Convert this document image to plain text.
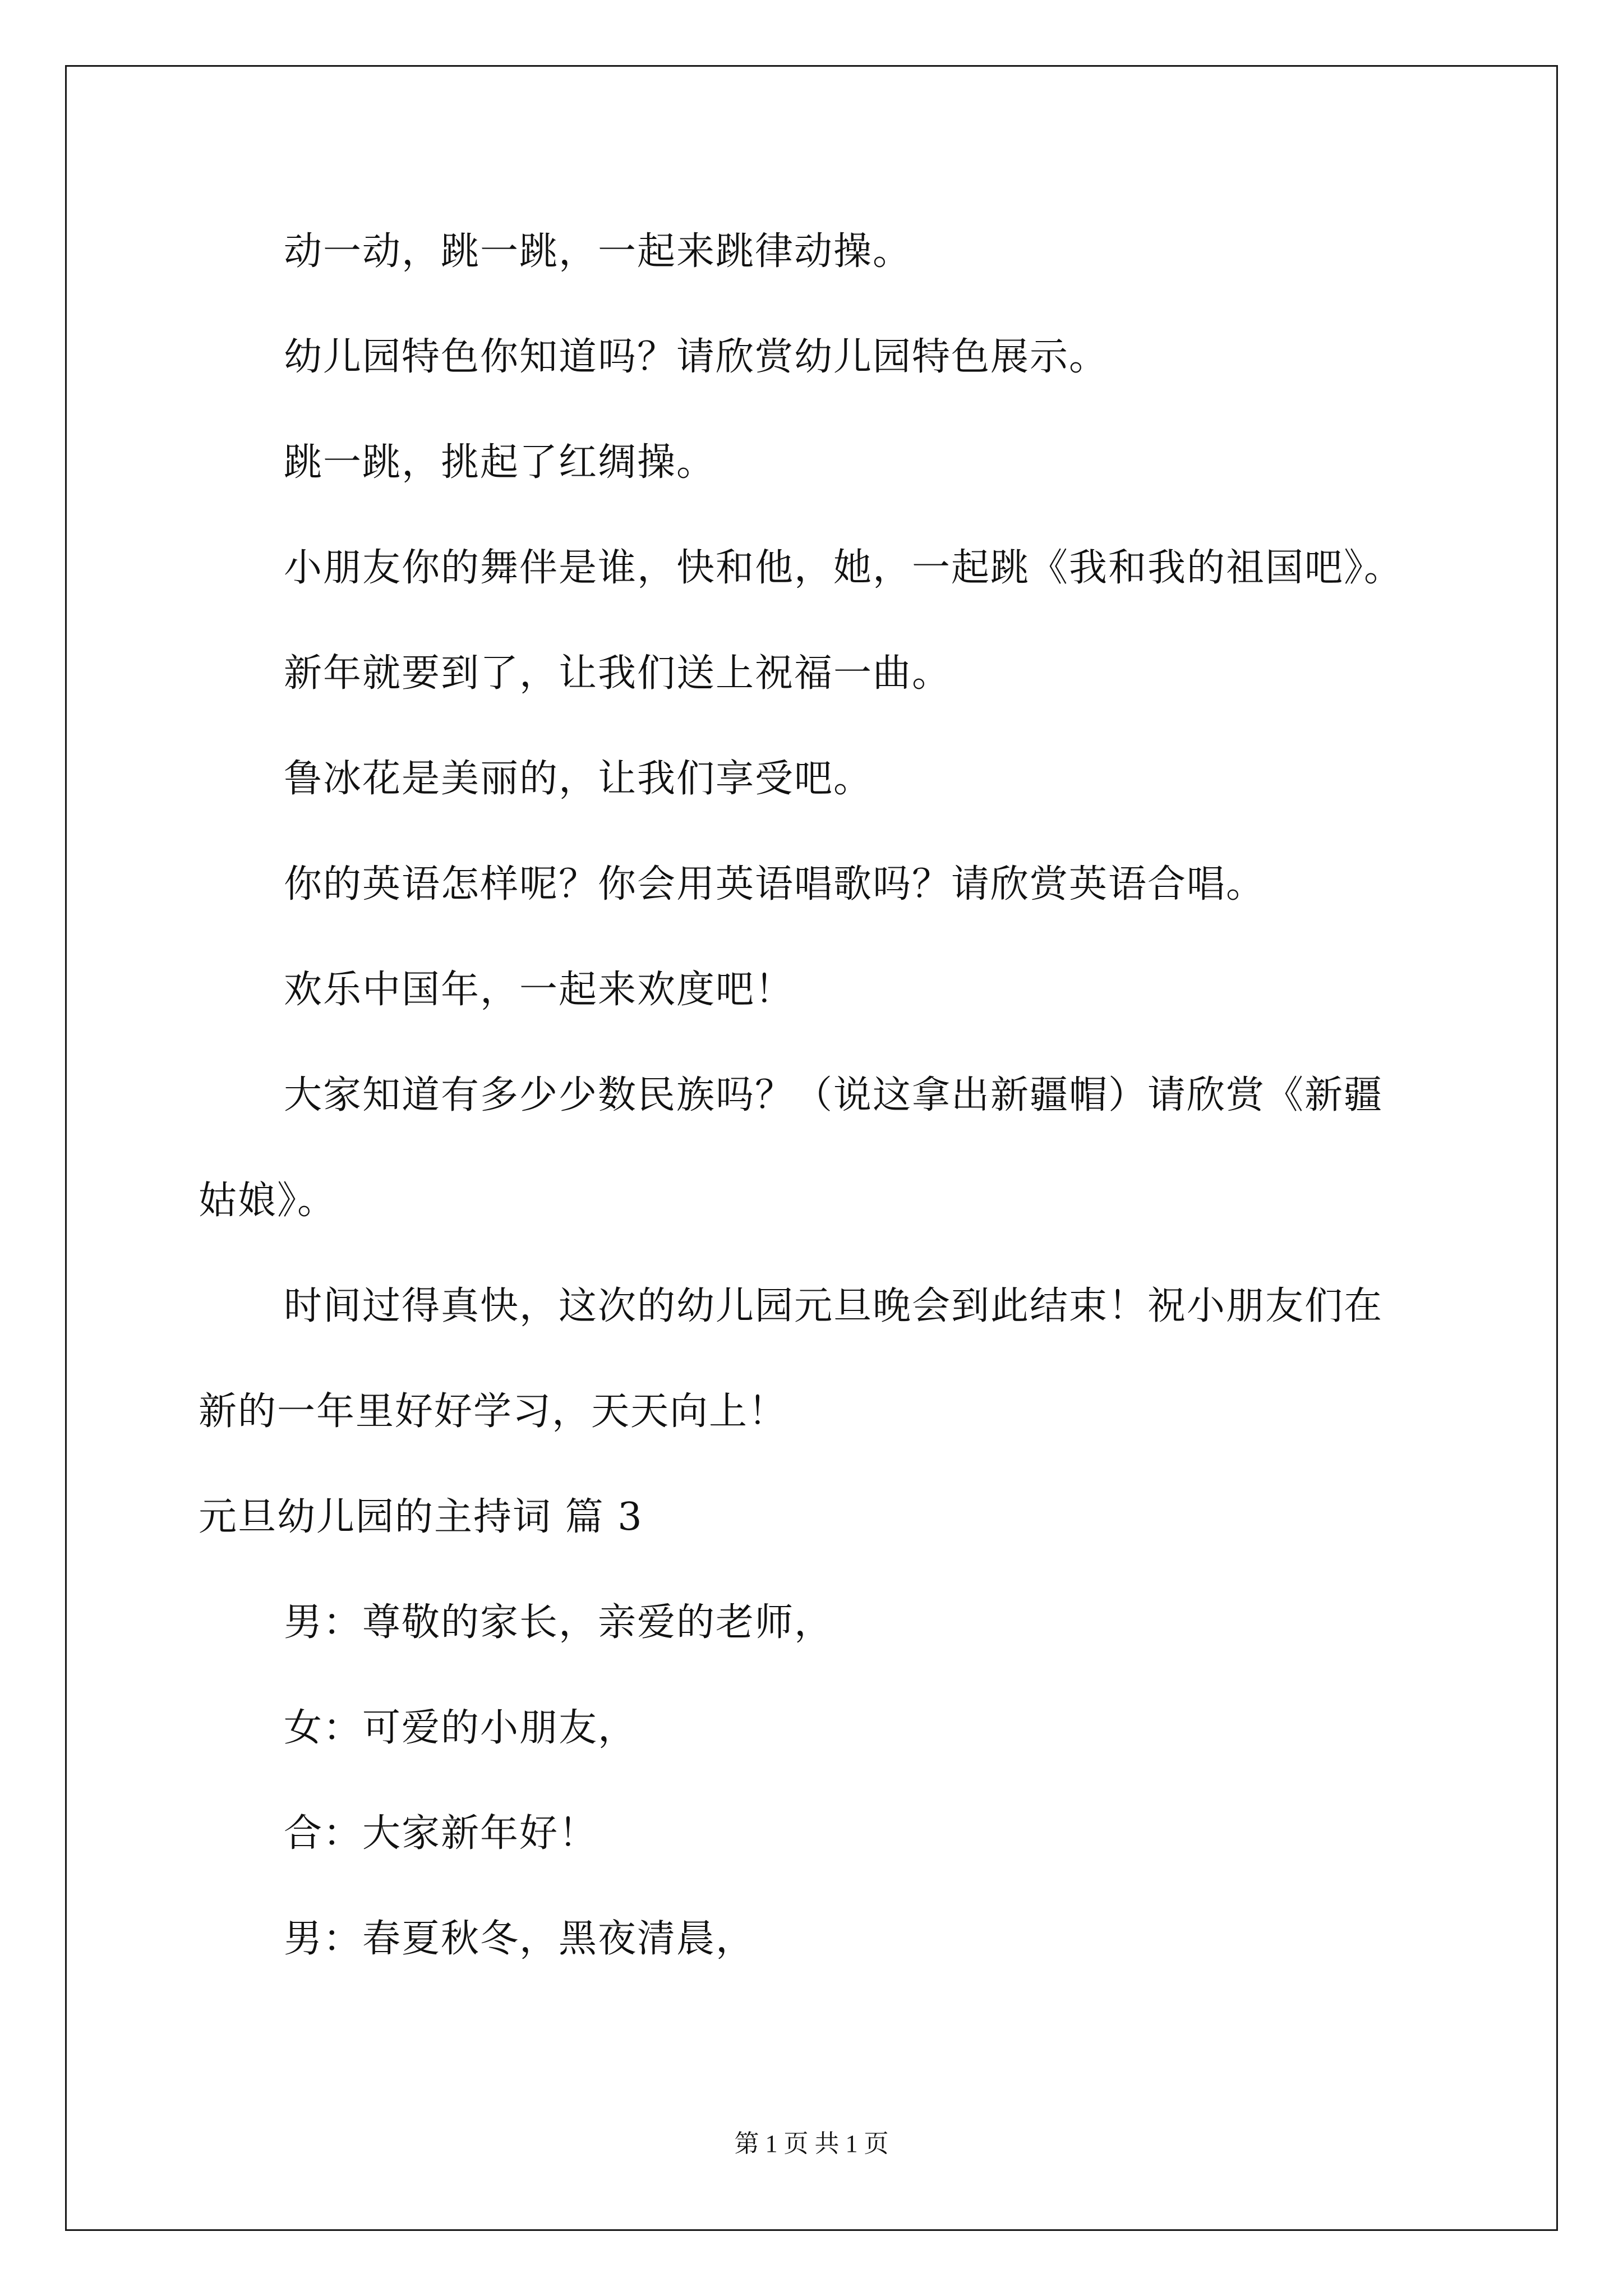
动一动，跳一跳，一起来跳律动操。
幼儿园特色你知道吗？请欣赏幼儿园特色展示。
跳一跳，挑起了红绸操。
小朋友你的舞伴是谁，快和他，她，一起跳《我和我的祖国吧》。
新年就要到了，让我们送上祝福一曲。
鲁冰花是美丽的，让我们享受吧。
你的英语怎样呢？你会用英语唱歌吗？请欣赏英语合唱。
欢乐中国年，一起来欢度吧！
大家知道有多少少数民族吗？（说这拿出新疆帽）请欣赏《新疆
姑娘》。
时间过得真快，这次的幼儿园元旦晚会到此结束！祝小朋友们在
新的一年里好好学习，天天向上！
元旦幼儿园的主持词 篇 3
男：尊敬的家长，亲爱的老师，
女：可爱的小朋友，
合：大家新年好！
男：春夏秋冬，黑夜清晨，
第 1 页 共 1 页
